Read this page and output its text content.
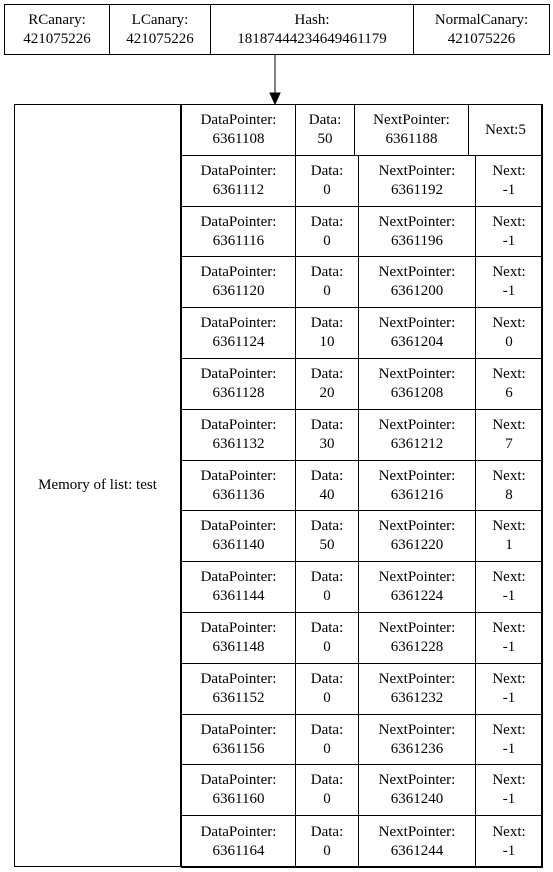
RCanary:
421075226
LCanary:
421075226
Hash:
18187444234649461179
NormalCanary:
421075226
Memory of list: test
DataPointer:
6361108
Data:
50
NextPointer:
6361188
Next:5
DataPointer:
6361112
Data:
0
NextPointer:
6361192
Next:
-1
DataPointer:
6361116
Data:
0
NextPointer:
6361196
Next:
-1
DataPointer:
6361120
Data:
0
NextPointer:
6361200
Next:
-1
DataPointer:
6361124
Data:
10
NextPointer:
6361204
Next:
0
DataPointer:
6361128
Data:
20
NextPointer:
6361208
Next:
6
DataPointer:
6361132
Data:
30
NextPointer:
6361212
Next:
7
DataPointer:
6361136
Data:
40
NextPointer:
6361216
Next:
8
DataPointer:
6361140
Data:
50
NextPointer:
6361220
Next:
1
DataPointer:
6361144
Data:
0
NextPointer:
6361224
Next:
-1
DataPointer:
6361148
Data:
0
NextPointer:
6361228
Next:
-1
DataPointer:
6361152
Data:
0
NextPointer:
6361232
Next:
-1
DataPointer:
6361156
Data:
0
NextPointer:
6361236
Next:
-1
DataPointer:
6361160
Data:
0
NextPointer:
6361240
Next:
-1
DataPointer:
6361164
Data:
0
NextPointer:
6361244
Next:
-1
